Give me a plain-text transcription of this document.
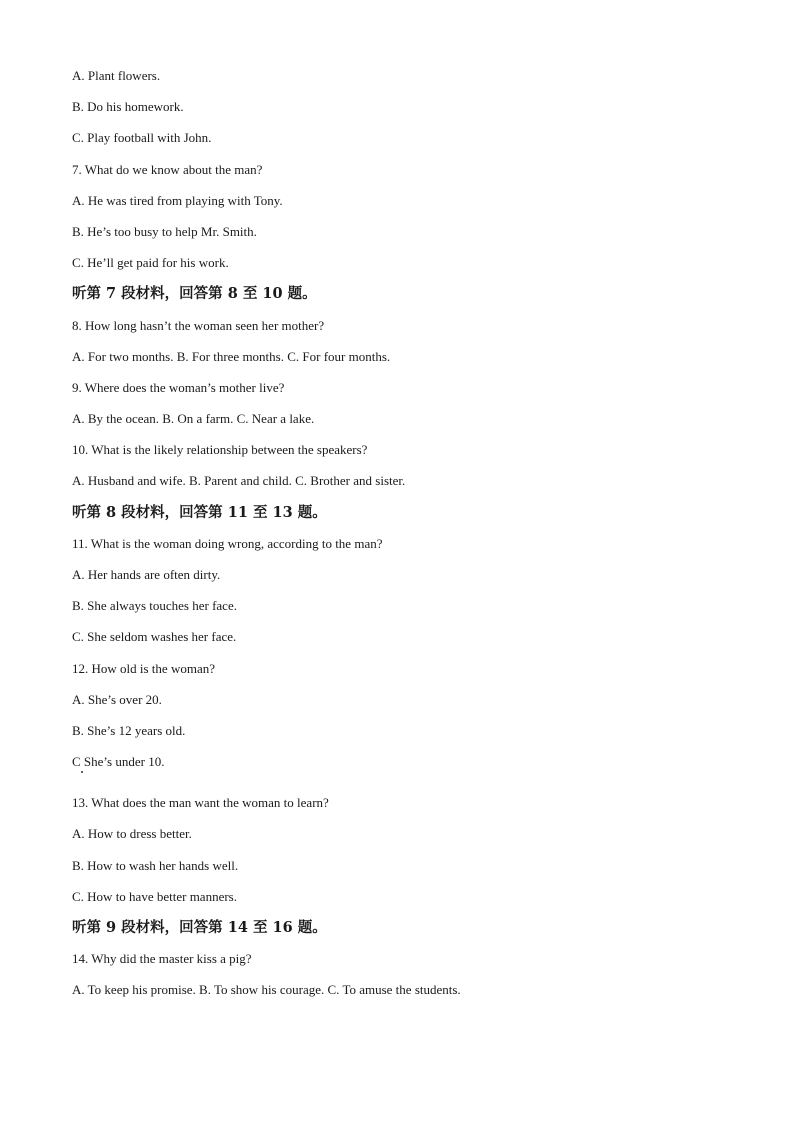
A. Plant flowers.
B. Do his homework.
C. Play football with John.
7. What do we know about the man?
A. He was tired from playing with Tony.
B. He’s too busy to help Mr. Smith.
C. He’ll get paid for his work.
听第 7 段材料，回答第 8 至 10 题。
8. How long hasn’t the woman seen her mother?
A. For two months. B. For three months. C. For four months.
9. Where does the woman’s mother live?
A. By the ocean. B. On a farm. C. Near a lake.
10. What is the likely relationship between the speakers?
A. Husband and wife. B. Parent and child. C. Brother and sister.
听第 8 段材料，回答第 11 至 13 题。
11. What is the woman doing wrong, according to the man?
A. Her hands are often dirty.
B. She always touches her face.
C. She seldom washes her face.
12. How old is the woman?
A. She’s over 20.
B. She’s 12 years old.
C She’s under 10.
13. What does the man want the woman to learn?
A. How to dress better.
B. How to wash her hands well.
C. How to have better manners.
听第 9 段材料，回答第 14 至 16 题。
14. Why did the master kiss a pig?
A. To keep his promise. B. To show his courage. C. To amuse the students.
